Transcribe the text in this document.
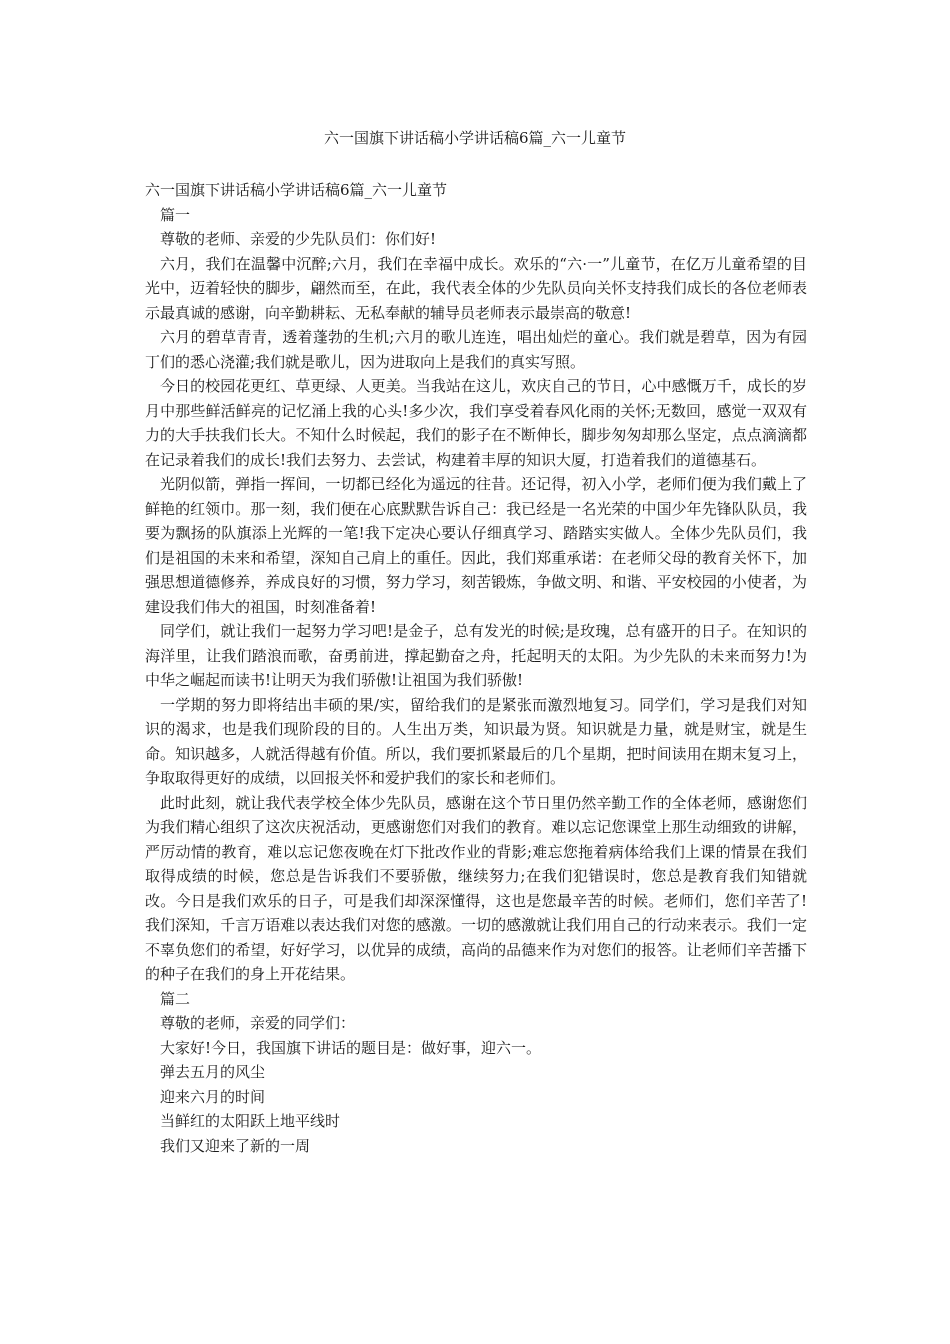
六一国旗下讲话稿小学讲话稿6篇_六一儿童节

六一国旗下讲话稿小学讲话稿6篇_六一儿童节

篇一

尊敬的老师、亲爱的少先队员们：你们好!

六月，我们在温馨中沉醉;六月，我们在幸福中成长。欢乐的“六·一”儿童节，在亿万儿童希望的目光中，迈着轻快的脚步，翩然而至，在此，我代表全体的少先队员向关怀支持我们成长的各位老师表示最真诚的感谢，向辛勤耕耘、无私奉献的辅导员老师表示最崇高的敬意!

六月的碧草青青，透着蓬勃的生机;六月的歌儿连连，唱出灿烂的童心。我们就是碧草，因为有园丁们的悉心浇灌;我们就是歌儿，因为进取向上是我们的真实写照。

今日的校园花更红、草更绿、人更美。当我站在这儿，欢庆自己的节日，心中感慨万千，成长的岁月中那些鲜活鲜亮的记忆涌上我的心头!多少次，我们享受着春风化雨的关怀;无数回，感觉一双双有力的大手扶我们长大。不知什么时候起，我们的影子在不断伸长，脚步匆匆却那么坚定，点点滴滴都在记录着我们的成长!我们去努力、去尝试，构建着丰厚的知识大厦，打造着我们的道德基石。

光阴似箭，弹指一挥间，一切都已经化为遥远的往昔。还记得，初入小学，老师们便为我们戴上了鲜艳的红领巾。那一刻，我们便在心底默默告诉自己：我已经是一名光荣的中国少年先锋队队员，我要为飘扬的队旗添上光辉的一笔!我下定决心要认仔细真学习、踏踏实实做人。全体少先队员们，我们是祖国的未来和希望，深知自己肩上的重任。因此，我们郑重承诺：在老师父母的教育关怀下，加强思想道德修养，养成良好的习惯，努力学习，刻苦锻炼，争做文明、和谐、平安校园的小使者，为建设我们伟大的祖国，时刻准备着!

同学们，就让我们一起努力学习吧!是金子，总有发光的时候;是玫瑰，总有盛开的日子。在知识的海洋里，让我们踏浪而歌，奋勇前进，撑起勤奋之舟，托起明天的太阳。为少先队的未来而努力!为中华之崛起而读书!让明天为我们骄傲!让祖国为我们骄傲!

一学期的努力即将结出丰硕的果/实，留给我们的是紧张而激烈地复习。同学们，学习是我们对知识的渴求，也是我们现阶段的目的。人生出万类，知识最为贤。知识就是力量，就是财宝，就是生命。知识越多，人就活得越有价值。所以，我们要抓紧最后的几个星期，把时间读用在期末复习上，争取取得更好的成绩，以回报关怀和爱护我们的家长和老师们。

此时此刻，就让我代表学校全体少先队员，感谢在这个节日里仍然辛勤工作的全体老师，感谢您们为我们精心组织了这次庆祝活动，更感谢您们对我们的教育。难以忘记您课堂上那生动细致的讲解，严厉动情的教育，难以忘记您夜晚在灯下批改作业的背影;难忘您拖着病体给我们上课的情景在我们取得成绩的时候，您总是告诉我们不要骄傲，继续努力;在我们犯错误时，您总是教育我们知错就改。今日是我们欢乐的日子，可是我们却深深懂得，这也是您最辛苦的时候。老师们，您们辛苦了!我们深知，千言万语难以表达我们对您的感激。一切的感激就让我们用自己的行动来表示。我们一定不辜负您们的希望，好好学习，以优异的成绩，高尚的品德来作为对您们的报答。让老师们辛苦播下的种子在我们的身上开花结果。

篇二

尊敬的老师，亲爱的同学们：

大家好!今日，我国旗下讲话的题目是：做好事，迎六一。

弹去五月的风尘

迎来六月的时间

当鲜红的太阳跃上地平线时

我们又迎来了新的一周
